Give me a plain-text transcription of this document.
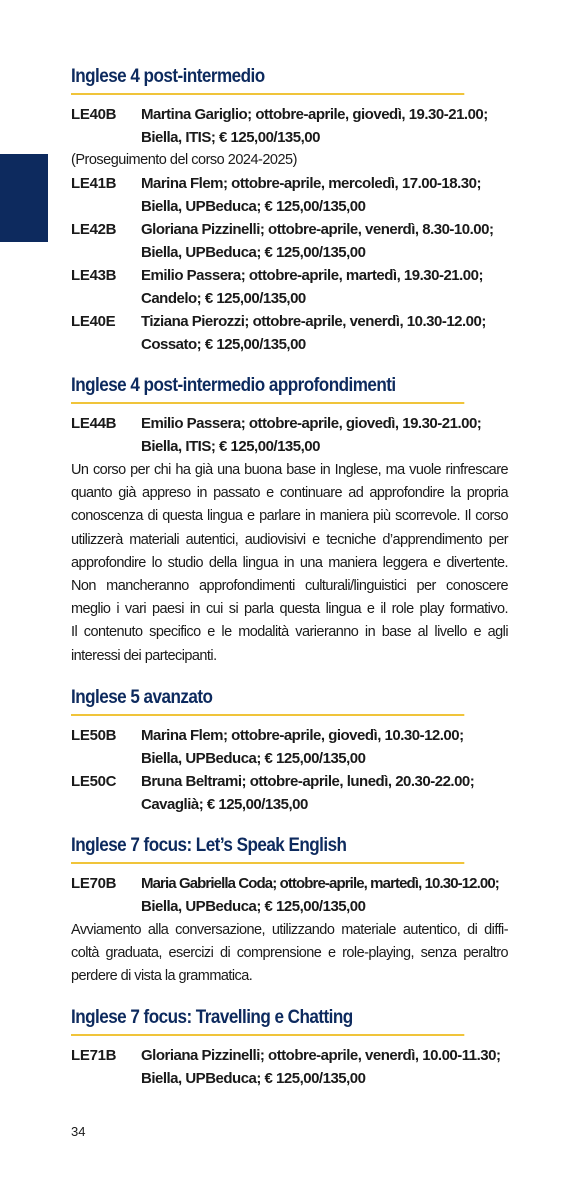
Inglese 4 post-intermedio
LE40B	Martina Gariglio; ottobre-aprile, giovedì, 19.30-21.00;
Biella, ITIS; € 125,00/135,00
(Proseguimento del corso 2024-2025)
LE41B	Marina Flem; ottobre-aprile, mercoledì, 17.00-18.30;
Biella, UPBeduca; € 125,00/135,00
LE42B	Gloriana Pizzinelli; ottobre-aprile, venerdì, 8.30-10.00;
Biella, UPBeduca; € 125,00/135,00
LE43B	Emilio Passera; ottobre-aprile, martedì, 19.30-21.00;
Candelo; € 125,00/135,00
LE40E	Tiziana Pierozzi; ottobre-aprile, venerdì, 10.30-12.00;
Cossato; € 125,00/135,00
Inglese 4 post-intermedio approfondimenti
LE44B	Emilio Passera; ottobre-aprile, giovedì, 19.30-21.00;
Biella, ITIS; € 125,00/135,00
Un corso per chi ha già una buona base in Inglese, ma vuole rinfrescare
quanto già appreso in passato e continuare ad approfondire la propria
conoscenza di questa lingua e parlare in maniera più scorrevole. Il corso
utilizzerà materiali autentici, audiovisivi e tecniche d’apprendimento per
approfondire lo studio della lingua in una maniera leggera e divertente.
Non mancheranno approfondimenti culturali/linguistici per conoscere
meglio i vari paesi in cui si parla questa lingua e il role play formativo.
Il contenuto specifico e le modalità varieranno in base al livello e agli
interessi dei partecipanti.
Inglese 5 avanzato
LE50B	Marina Flem; ottobre-aprile, giovedì, 10.30-12.00;
Biella, UPBeduca; € 125,00/135,00
LE50C	Bruna Beltrami; ottobre-aprile, lunedì, 20.30-22.00;
Cavaglià; € 125,00/135,00
Inglese 7 focus: Let’s Speak English
LE70B	Maria Gabriella Coda; ottobre-aprile, martedì, 10.30-12.00;
Biella, UPBeduca; € 125,00/135,00
Avviamento alla conversazione, utilizzando materiale autentico, di diffi-
coltà graduata, esercizi di comprensione e role-playing, senza peraltro
perdere di vista la grammatica.
Inglese 7 focus: Travelling e Chatting
LE71B	Gloriana Pizzinelli; ottobre-aprile, venerdì, 10.00-11.30;
Biella, UPBeduca; € 125,00/135,00
34
